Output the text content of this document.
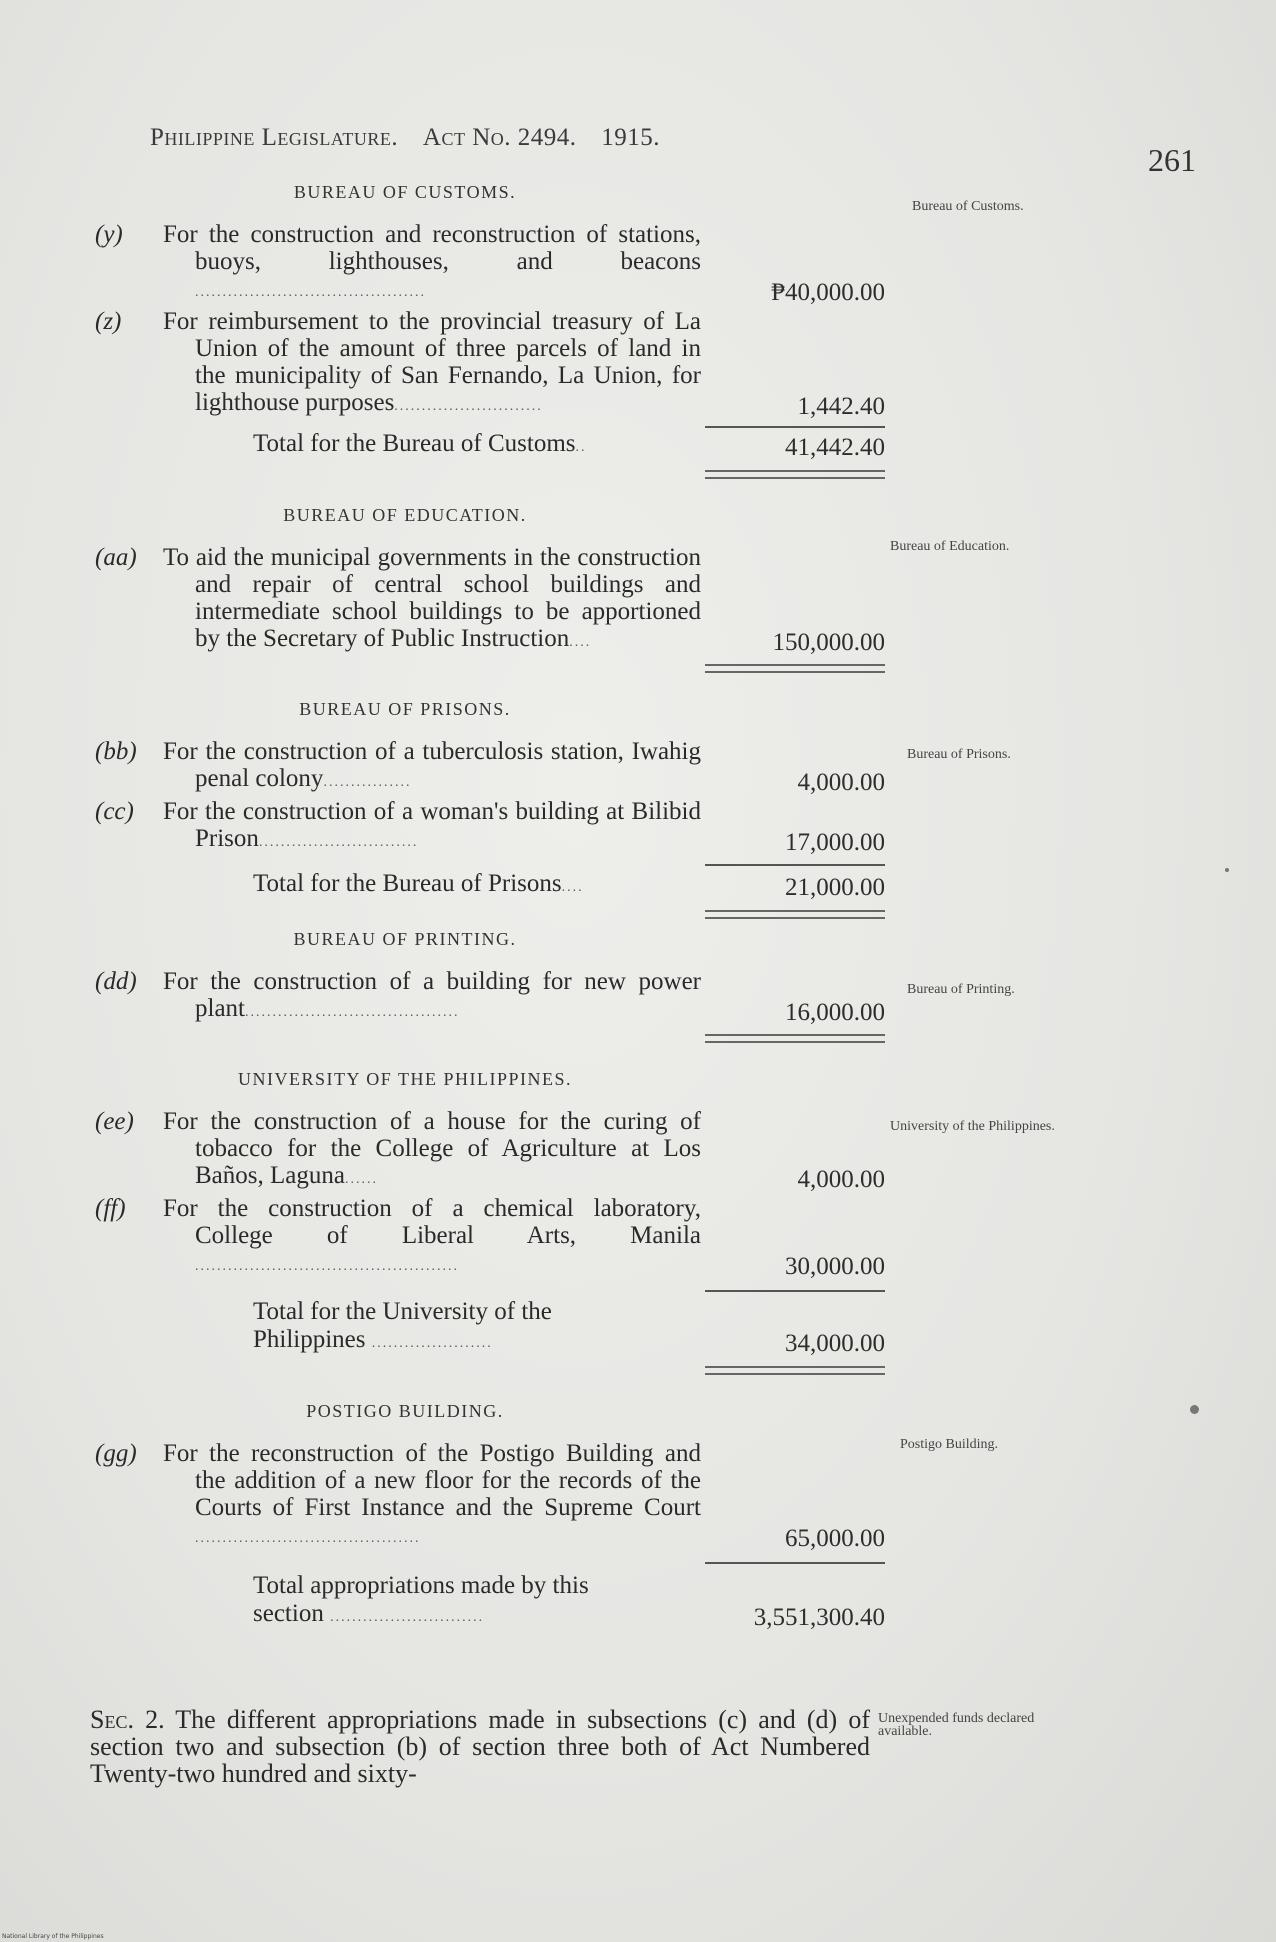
Philippine Legislature. Act No. 2494. 1915.
261
Bureau of Customs.
Bureau of Education.
Bureau of Prisons.
Bureau of Printing.
University of the Philippines.
Postigo Building.
Unexpended funds declared available.
BUREAU OF CUSTOMS.
(y) For the construction and reconstruction of stations, buoys, lighthouses, and beacons ..........................................	₱40,000.00
(z) For reimbursement to the provincial treasury of La Union of the amount of three parcels of land in the municipality of San Fernando, La Union, for lighthouse purposes...........................	1,442.40
Total for the Bureau of Customs..	41,442.40
BUREAU OF EDUCATION.
(aa) To aid the municipal governments in the construction and repair of central school buildings and intermediate school buildings to be apportioned by the Secretary of Public Instruction....	150,000.00
BUREAU OF PRISONS.
(bb) For the construction of a tuberculosis station, Iwahig penal colony................	4,000.00
(cc) For the construction of a woman's building at Bilibid Prison.............................	17,000.00
Total for the Bureau of Prisons....	21,000.00
BUREAU OF PRINTING.
(dd) For the construction of a building for new power plant.......................................	16,000.00
UNIVERSITY OF THE PHILIPPINES.
(ee) For the construction of a house for the curing of tobacco for the College of Agriculture at Los Baños, Laguna......	4,000.00
(ff) For the construction of a chemical laboratory, College of Liberal Arts, Manila ................................................	30,000.00
Total for the University of the Philippines ......................	34,000.00
POSTIGO BUILDING.
(gg) For the reconstruction of the Postigo Building and the addition of a new floor for the records of the Courts of First Instance and the Supreme Court .........................................	65,000.00
Total appropriations made by this section ............................	3,551,300.40
Sec. 2. The different appropriations made in subsections (c) and (d) of section two and subsection (b) of section three both of Act Numbered Twenty-two hundred and sixty-
National Library of the Philippines
